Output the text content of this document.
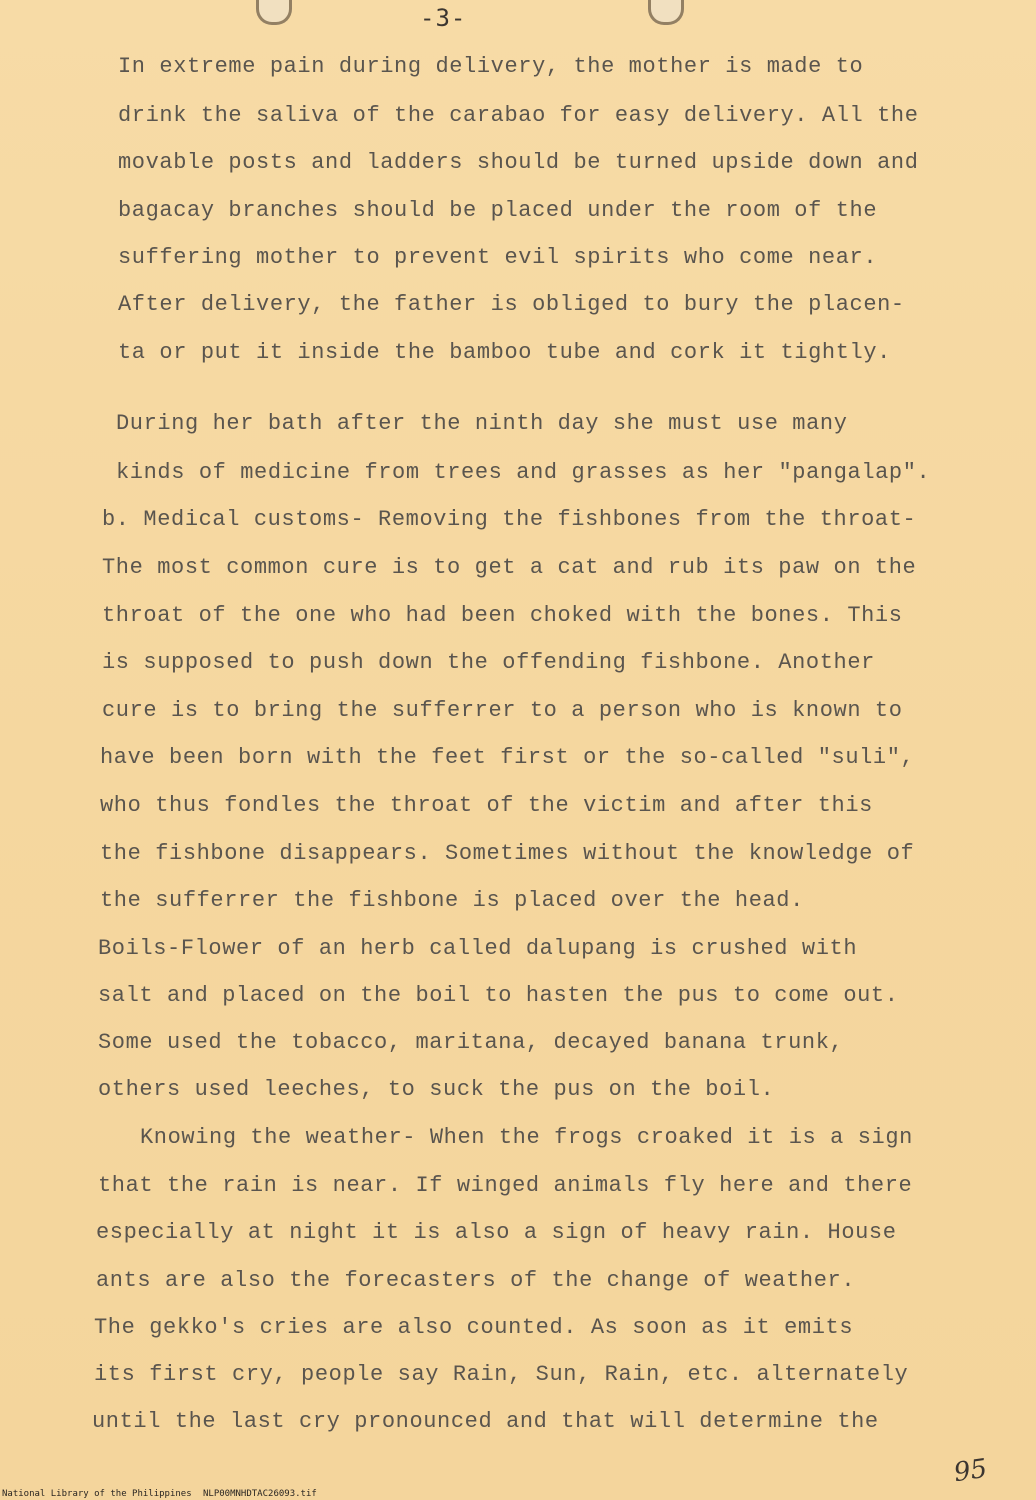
-3-
In extreme pain during delivery, the mother is made to
drink the saliva of the carabao for easy delivery. All the
movable posts and ladders should be turned upside down and
bagacay branches should be placed under the room of the
suffering mother to prevent evil spirits who come near.
After delivery, the father is obliged to bury the placen-
ta or put it inside the bamboo tube and cork it tightly.
During her bath after the ninth day she must use many
kinds of medicine from trees and grasses as her "pangalap".
b. Medical customs- Removing the fishbones from the throat-
The most common cure is to get a cat and rub its paw on the
throat of the one who had been choked with the bones. This
is supposed to push down the offending fishbone. Another
cure is to bring the sufferrer to a person who is known to
have been born with the feet first or the so-called "suli",
who thus fondles the throat of the victim and after this
the fishbone disappears. Sometimes without the knowledge of
the sufferrer the fishbone is placed over the head.
Boils-Flower of an herb called dalupang is crushed with
salt and placed on the boil to hasten the pus to come out.
Some used the tobacco, maritana, decayed banana trunk,
others used leeches, to suck the pus on the boil.
Knowing the weather- When the frogs croaked it is a sign
that the rain is near. If winged animals fly here and there
especially at night it is also a sign of heavy rain. House
ants are also the forecasters of the change of weather.
The gekko's cries are also counted. As soon as it emits
its first cry, people say Rain, Sun, Rain, etc. alternately
until the last cry pronounced and that will determine the
95
National Library of the Philippines NLP00MNHDTAC26093.tif
